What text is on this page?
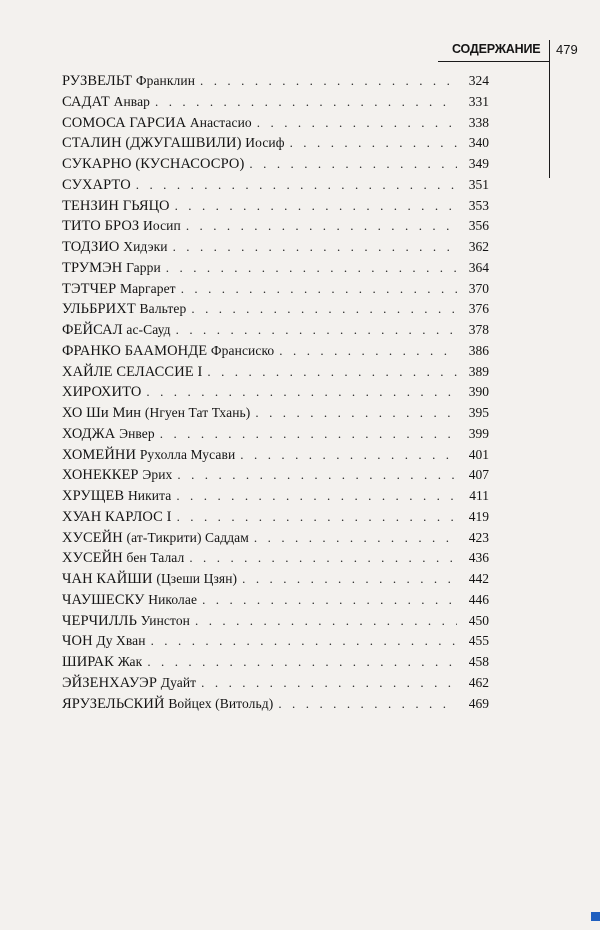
СОДЕРЖАНИЕ 479
РУЗВЕЛЬТ Франклин . . .	324
САДАТ Анвар . . .	331
СОМОСА ГАРСИА Анастасио . . .	338
СТАЛИН (ДЖУГАШВИЛИ) Иосиф . . .	340
СУКАРНО (КУСНАСОСРО) . . .	349
СУХАРТО . . .	351
ТЕНЗИН ГЬЯЦО . . .	353
ТИТО БРОЗ Иосип . . .	356
ТОДЗИО Хидэки . . .	362
ТРУМЭН Гарри . . .	364
ТЭТЧЕР Маргарет . . .	370
УЛЬБРИХТ Вальтер . . .	376
ФЕЙСАЛ ас-Сауд . . .	378
ФРАНКО БААМОНДЕ Франсиско . . .	386
ХАЙЛЕ СЕЛАССИЕ I . . .	389
ХИРОХИТО . . .	390
ХО Ши Мин (Нгуен Тат Тхань) . . .	395
ХОДЖА Энвер . . .	399
ХОМЕЙНИ Рухолла Мусави . . .	401
ХОНЕККЕР Эрих . . .	407
ХРУЩЕВ Никита . . .	411
ХУАН КАРЛОС I . . .	419
ХУСЕЙН (ат-Тикрити) Саддам . . .	423
ХУСЕЙН бен Талал . . .	436
ЧАН КАЙШИ (Цзеши Цзян) . . .	442
ЧАУШЕСКУ Николае . . .	446
ЧЕРЧИЛЛЬ Уинстон . . .	450
ЧОН Ду Хван . . .	455
ШИРАК Жак . . .	458
ЭЙЗЕНХАУЭР Дуайт . . .	462
ЯРУЗЕЛЬСКИЙ Войцех (Витольд) . . .	469
